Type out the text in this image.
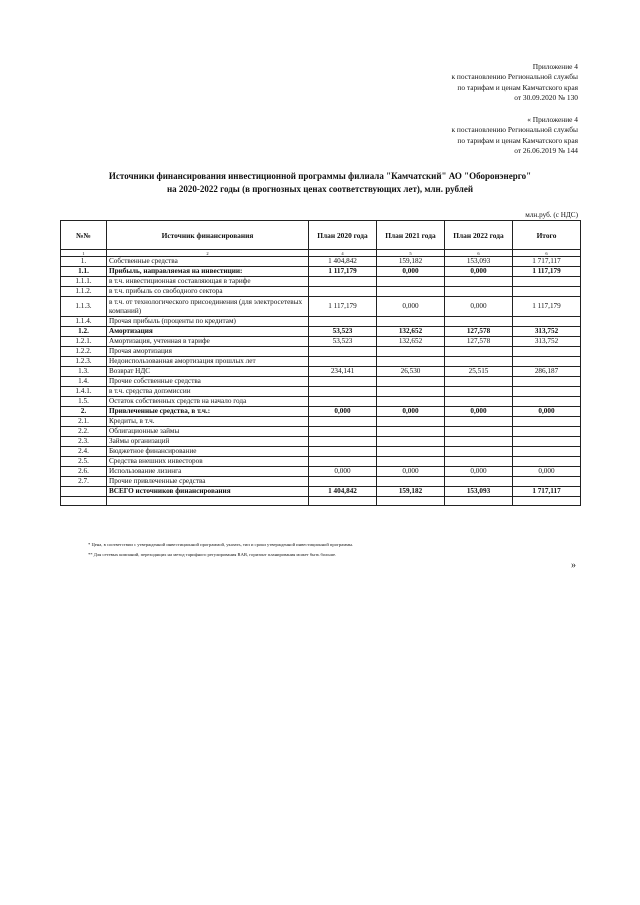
Приложение 4
к постановлению Региональной службы
по тарифам и ценам Камчатского края
от 30.09.2020 № 130
« Приложение 4
к постановлению Региональной службы
по тарифам и ценам Камчатского края
от 26.06.2019 № 144
Источники финансирования инвестиционной программы филиала "Камчатский" АО "Оборонэнерго"
на 2020-2022 годы (в прогнозных ценах соответствующих лет), млн. рублей
млн.руб. (с НДС)
№№	Источник финансирования	План 2020 года	План 2021 года	План 2022 года	Итого
1	2	4	5	6	6
1.	Собственные средства	1 404,842	159,182	153,093	1 717,117
1.1.	Прибыль, направляемая на инвестиции:	1 117,179	0,000	0,000	1 117,179
1.1.1.	в т.ч. инвестиционная составляющая в тарифе				
1.1.2.	в т.ч. прибыль со свободного сектора				
1.1.3.	в т.ч. от технологического присоединения (для электросетевых компаний)	1 117,179	0,000	0,000	1 117,179
1.1.4.	Прочая прибыль (проценты по кредитам)				
1.2.	Амортизация	53,523	132,652	127,578	313,752
1.2.1.	Амортизация, учтенная в тарифе	53,523	132,652	127,578	313,752
1.2.2.	Прочая амортизация				
1.2.3.	Недоиспользованная амортизация прошлых лет				
1.3.	Возврат НДС	234,141	26,530	25,515	286,187
1.4.	Прочие собственные средства				
1.4.1.	в т.ч. средства допэмиссии				
1.5.	Остаток собственных средств на начало года				
2.	Привлеченные средства, в т.ч.:	0,000	0,000	0,000	0,000
2.1.	Кредиты, в т.ч.				
2.2.	Облигационные займы				
2.3.	Займы организаций				
2.4.	Бюджетное финансирование				
2.5.	Средства внешних инвесторов				
2.6.	Использование лизинга	0,000	0,000	0,000	0,000
2.7.	Прочие привлеченные средства				
	ВСЕГО источников финансирования	1 404,842	159,182	153,093	1 717,117

* Цена, в соответствии с утвержденной инвестиционной программой, указать, тип и сроки утвержденной инвестиционной программы.
** Для сетевых компаний, переходящих на метод тарифного регулирования RAB, горизонт планирования может быть больше.
»
